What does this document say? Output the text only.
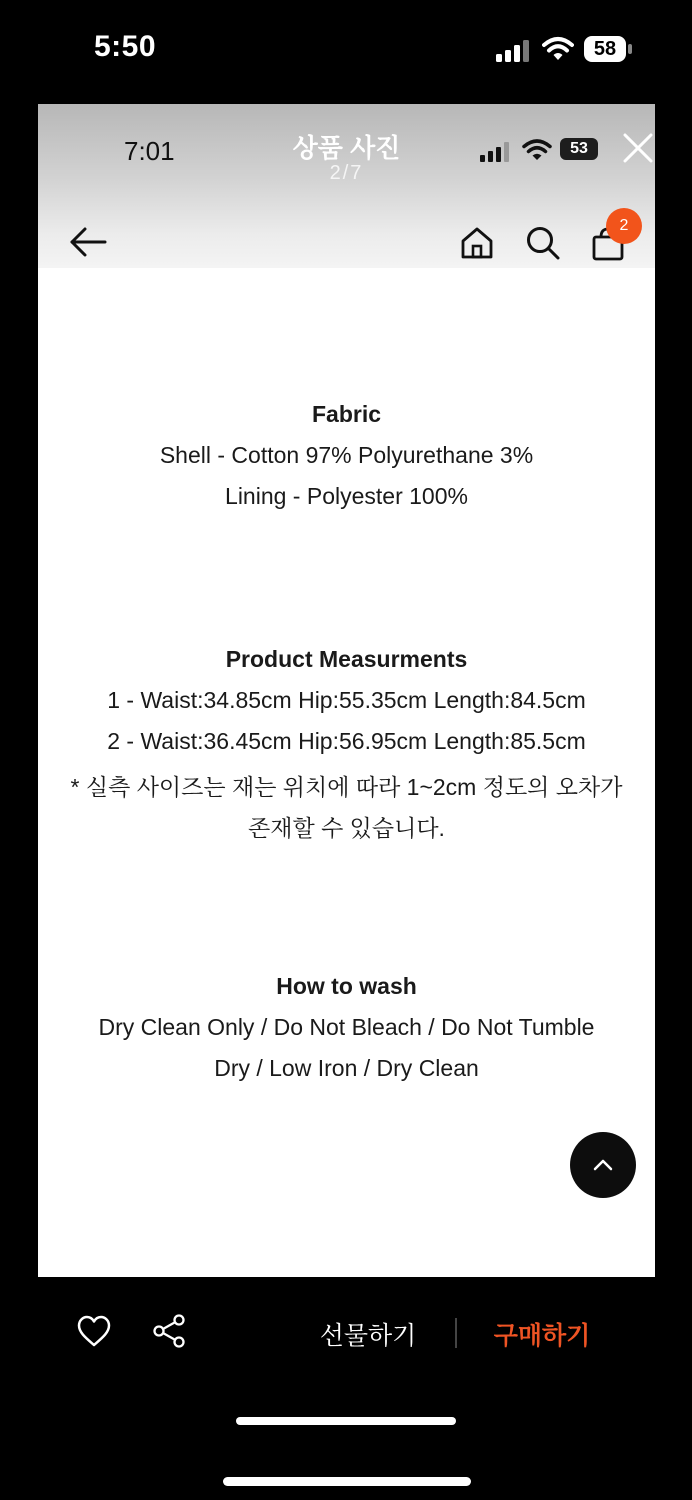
5:50	58
7:01	상품 사진
2/7
53
2
Fabric
Shell - Cotton 97% Polyurethane 3%
Lining - Polyester 100%
Product Measurments
1 - Waist:34.85cm Hip:55.35cm Length:84.5cm
2 - Waist:36.45cm Hip:56.95cm Length:85.5cm
* 실측 사이즈는 재는 위치에 따라 1~2cm 정도의 오차가
존재할 수 있습니다.
How to wash
Dry Clean Only / Do Not Bleach / Do Not Tumble
Dry / Low Iron / Dry Clean
선물하기	구매하기
